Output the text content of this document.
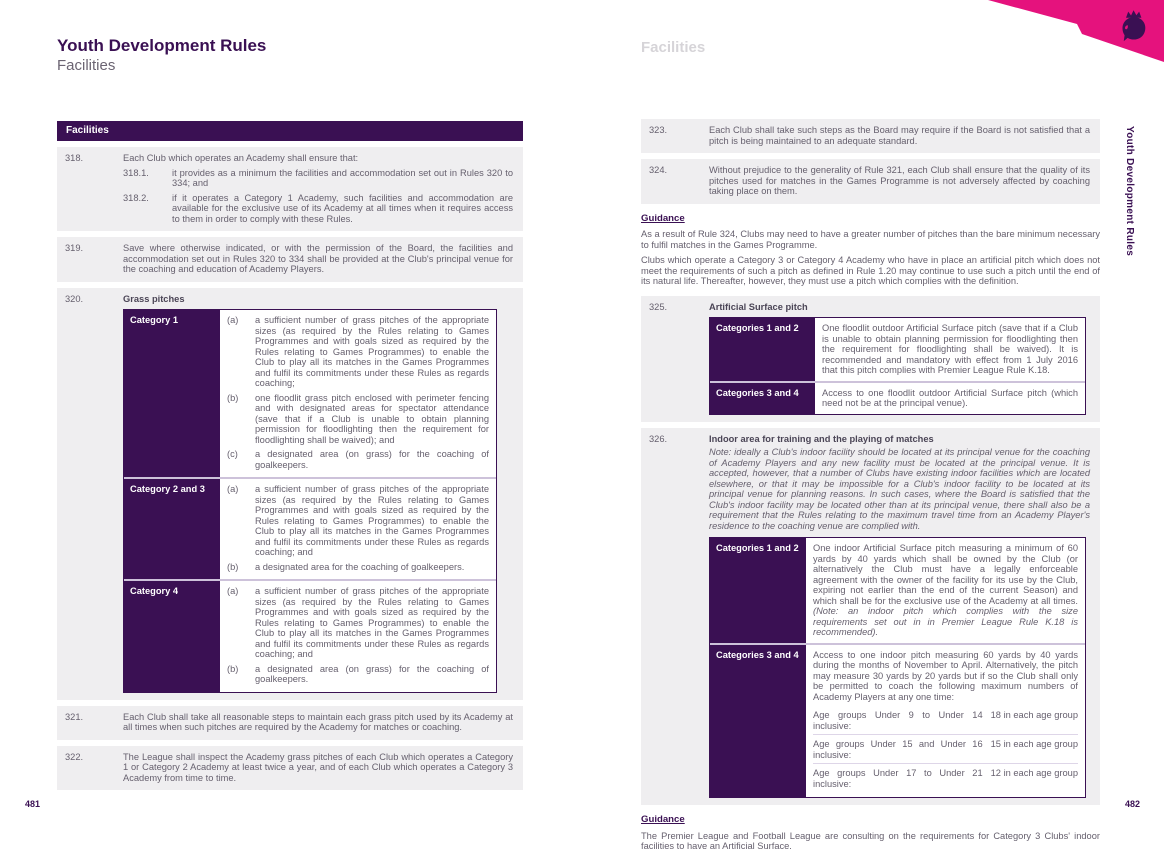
Youth Development Rules
Youth Development Rules
Facilities
Facilities
318.	Each Club which operates an Academy shall ensure that:
318.1.	it provides as a minimum the facilities and accommodation set out in Rules 320 to 334; and
318.2.	if it operates a Category 1 Academy, such facilities and accommodation are available for the exclusive use of its Academy at all times when it requires access to them in order to comply with these Rules.
319.	Save where otherwise indicated, or with the permission of the Board, the facilities and accommodation set out in Rules 320 to 334 shall be provided at the Club's principal venue for the coaching and education of Academy Players.
320.	Grass pitches
Category 1	(a)	a sufficient number of grass pitches of the appropriate sizes (as required by the Rules relating to Games Programmes and with goals sized as required by the Rules relating to Games Programmes) to enable the Club to play all its matches in the Games Programmes and fulfil its commitments under these Rules as regards coaching;
(b)	one floodlit grass pitch enclosed with perimeter fencing and with designated areas for spectator attendance (save that if a Club is unable to obtain planning permission for floodlighting then the requirement for floodlighting shall be waived); and
(c)	a designated area (on grass) for the coaching of goalkeepers.
Category 2 and 3	(a)	a sufficient number of grass pitches of the appropriate sizes (as required by the Rules relating to Games Programmes and with goals sized as required by the Rules relating to Games Programmes) to enable the Club to play all its matches in the Games Programmes and fulfil its commitments under these Rules as regards coaching; and
(b)	a designated area for the coaching of goalkeepers.
Category 4	(a)	a sufficient number of grass pitches of the appropriate sizes (as required by the Rules relating to Games Programmes and with goals sized as required by the Rules relating to Games Programmes) to enable the Club to play all its matches in the Games Programmes and fulfil its commitments under these Rules as regards coaching; and
(b)	a designated area (on grass) for the coaching of goalkeepers.
321.	Each Club shall take all reasonable steps to maintain each grass pitch used by its Academy at all times when such pitches are required by the Academy for matches or coaching.
322.	The League shall inspect the Academy grass pitches of each Club which operates a Category 1 or Category 2 Academy at least twice a year, and of each Club which operates a Category 3 Academy from time to time.
Facilities
323.	Each Club shall take such steps as the Board may require if the Board is not satisfied that a pitch is being maintained to an adequate standard.
324.	Without prejudice to the generality of Rule 321, each Club shall ensure that the quality of its pitches used for matches in the Games Programme is not adversely affected by coaching taking place on them.
Guidance
As a result of Rule 324, Clubs may need to have a greater number of pitches than the bare minimum necessary to fulfil matches in the Games Programme.
Clubs which operate a Category 3 or Category 4 Academy who have in place an artificial pitch which does not meet the requirements of such a pitch as defined in Rule 1.20 may continue to use such a pitch until the end of its natural life. Thereafter, however, they must use a pitch which complies with the definition.
325.	Artificial Surface pitch
Categories 1 and 2	One floodlit outdoor Artificial Surface pitch (save that if a Club is unable to obtain planning permission for floodlighting then the requirement for floodlighting shall be waived). It is recommended and mandatory with effect from 1 July 2016 that this pitch complies with Premier League Rule K.18.
Categories 3 and 4	Access to one floodlit outdoor Artificial Surface pitch (which need not be at the principal venue).
326.	Indoor area for training and the playing of matches
Note: ideally a Club's indoor facility should be located at its principal venue for the coaching of Academy Players and any new facility must be located at the principal venue. It is accepted, however, that a number of Clubs have existing indoor facilities which are located elsewhere, or that it may be impossible for a Club's indoor facility to be located at its principal venue for planning reasons. In such cases, where the Board is satisfied that the Club's indoor facility may be located other than at its principal venue, there shall also be a requirement that the Rules relating to the maximum travel time from an Academy Player's residence to the coaching venue are complied with.
Categories 1 and 2	One indoor Artificial Surface pitch measuring a minimum of 60 yards by 40 yards which shall be owned by the Club (or alternatively the Club must have a legally enforceable agreement with the owner of the facility for its use by the Club, expiring not earlier than the end of the current Season) and which shall be for the exclusive use of the Academy at all times. (Note: an indoor pitch which complies with the size requirements set out in in Premier League Rule K.18 is recommended).
Categories 3 and 4	Access to one indoor pitch measuring 60 yards by 40 yards during the months of November to April. Alternatively, the pitch may measure 30 yards by 20 yards but if so the Club shall only be permitted to coach the following maximum numbers of Academy Players at any one time:
Age groups Under 9 to Under 14 inclusive:
18 in each age group
Age groups Under 15 and Under 16 inclusive:
15 in each age group
Age groups Under 17 to Under 21 inclusive:
12 in each age group
Guidance
The Premier League and Football League are consulting on the requirements for Category 3 Clubs' indoor facilities to have an Artificial Surface.
481	482
